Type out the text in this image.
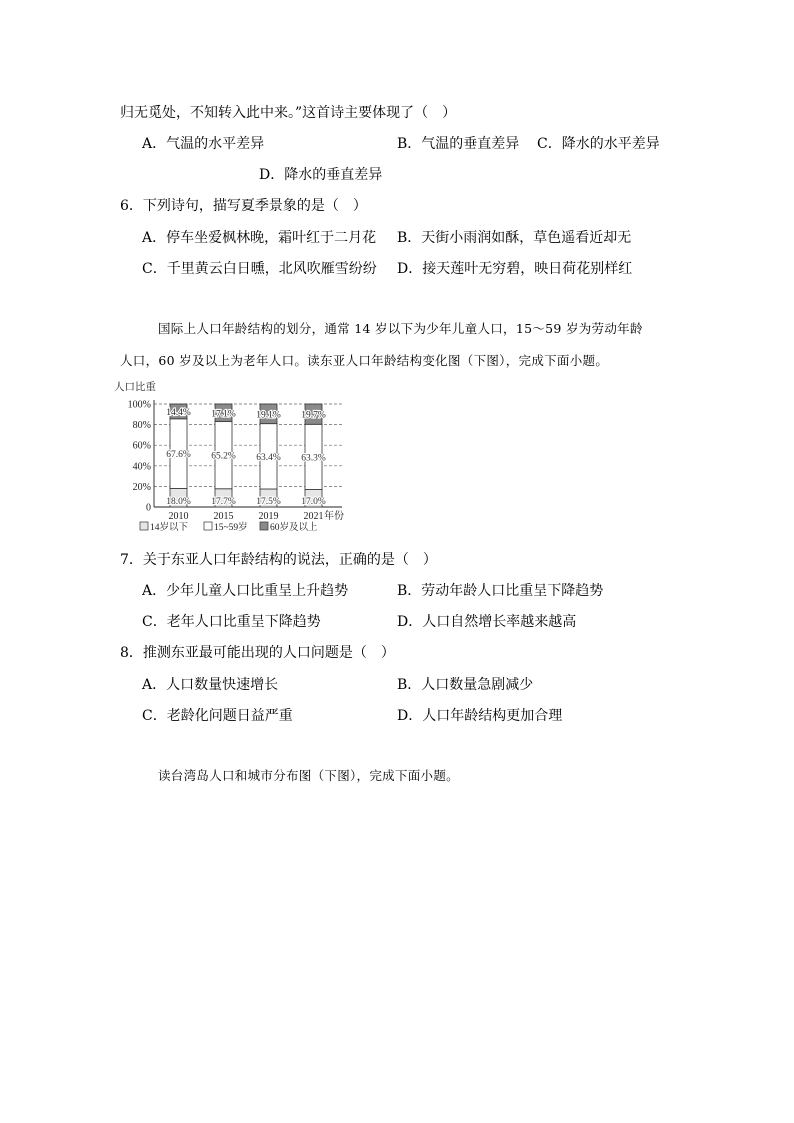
归无觅处，不知转入此中来。”这首诗主要体现了（　）
A．气温的水平差异	B．气温的垂直差异 C．降水的水平差异
D．降水的垂直差异
6．下列诗句，描写夏季景象的是（　）
A．停车坐爱枫林晚，霜叶红于二月花 B．天街小雨润如酥，草色遥看近却无
C．千里黄云白日曛，北风吹雁雪纷纷 D．接天莲叶无穷碧，映日荷花别样红
国际上人口年龄结构的划分，通常 14 岁以下为少年儿童人口，15～59 岁为劳动年龄
人口，60 岁及以上为老年人口。读东亚人口年龄结构变化图（下图），完成下面小题。
人口比重
0
20%
40%
60%
80%
100%
18.0%
67.6%
14.4%
2010
17.7%
65.2%
17.1%
2015
17.5%
63.4%
19.1%
2019
17.0%
63.3%
19.7%
2021 年份
14岁以下	15~59岁 60岁及以上
7．关于东亚人口年龄结构的说法，正确的是（　）
A．少年儿童人口比重呈上升趋势	B．劳动年龄人口比重呈下降趋势
C．老年人口比重呈下降趋势	D．人口自然增长率越来越高
8．推测东亚最可能出现的人口问题是（　）
A．人口数量快速增长	B．人口数量急剧减少
C．老龄化问题日益严重	D．人口年龄结构更加合理
读台湾岛人口和城市分布图（下图），完成下面小题。
